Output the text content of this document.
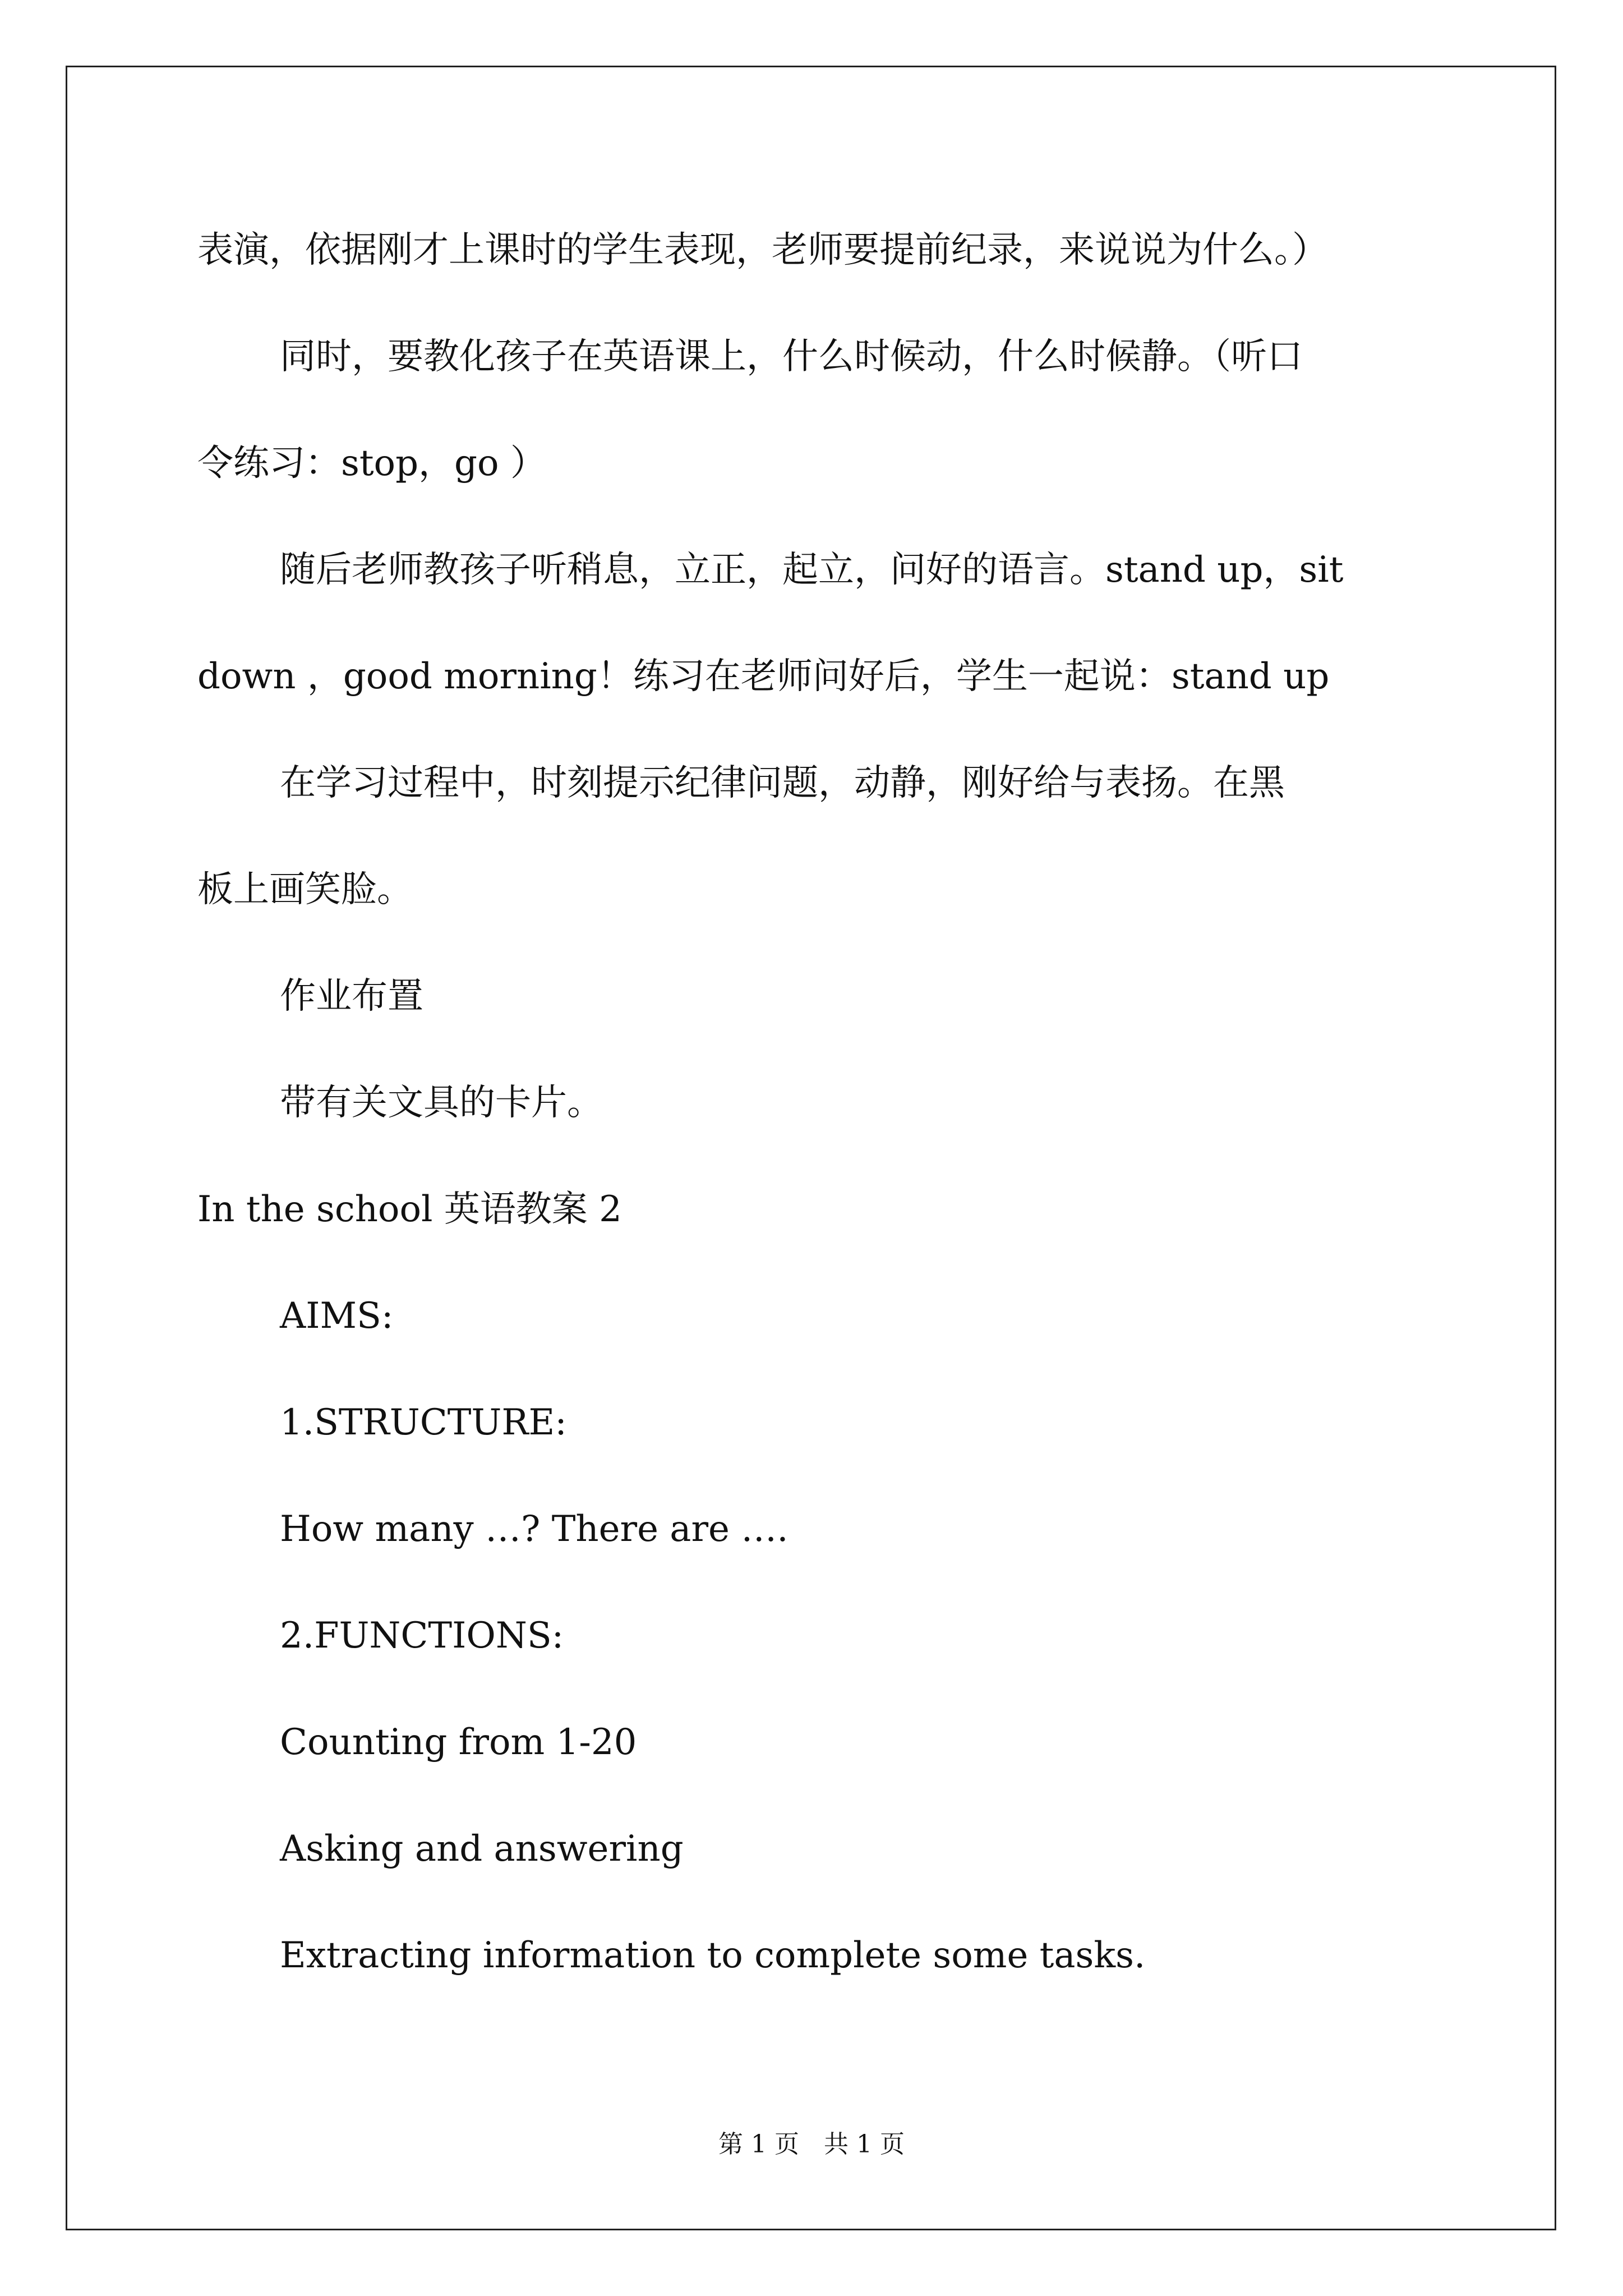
表演，依据刚才上课时的学生表现，老师要提前纪录，来说说为什么。）
同时，要教化孩子在英语课上，什么时候动，什么时候静。（听口
令练习：stop，go ）
随后老师教孩子听稍息，立正，起立，问好的语言。stand up，sit
down ，good morning！练习在老师问好后，学生一起说：stand up
在学习过程中，时刻提示纪律问题，动静，刚好给与表扬。在黑
板上画笑脸。
作业布置
带有关文具的卡片。
In the school 英语教案 2
AIMS:
1.STRUCTURE:
How many …? There are ….
2.FUNCTIONS:
Counting from 1-20
Asking and answering
Extracting information to complete some tasks.
第 1 页　共 1 页
